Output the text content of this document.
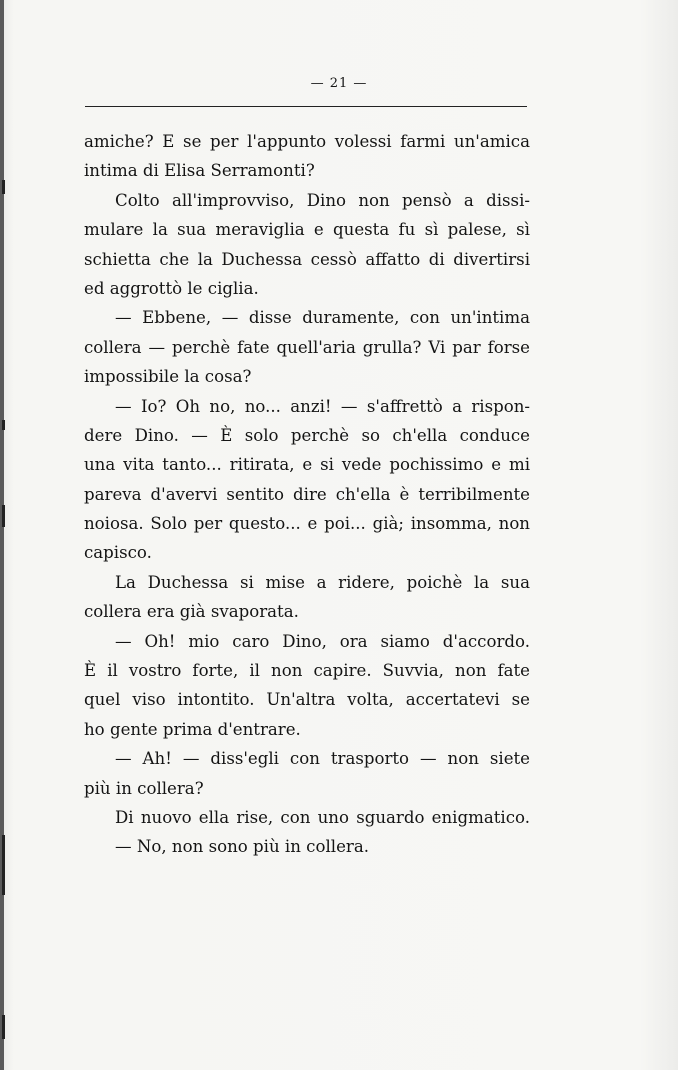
— 21 —
amiche? E se per l'appunto volessi farmi un'amica
intima di Elisa Serramonti?
Colto all'improvviso, Dino non pensò a dissi-
mulare la sua meraviglia e questa fu sì palese, sì
schietta che la Duchessa cessò affatto di divertirsi
ed aggrottò le ciglia.
— Ebbene, — disse duramente, con un'intima
collera — perchè fate quell'aria grulla? Vi par forse
impossibile la cosa?
— Io? Oh no, no... anzi! — s'affrettò a rispon-
dere Dino. — È solo perchè so ch'ella conduce
una vita tanto... ritirata, e si vede pochissimo e mi
pareva d'avervi sentito dire ch'ella è terribilmente
noiosa. Solo per questo... e poi... già; insomma, non
capisco.
La Duchessa si mise a ridere, poichè la sua
collera era già svaporata.
— Oh! mio caro Dino, ora siamo d'accordo.
È il vostro forte, il non capire. Suvvia, non fate
quel viso intontito. Un'altra volta, accertatevi se
ho gente prima d'entrare.
— Ah! — diss'egli con trasporto — non siete
più in collera?
Di nuovo ella rise, con uno sguardo enigmatico.
— No, non sono più in collera.
